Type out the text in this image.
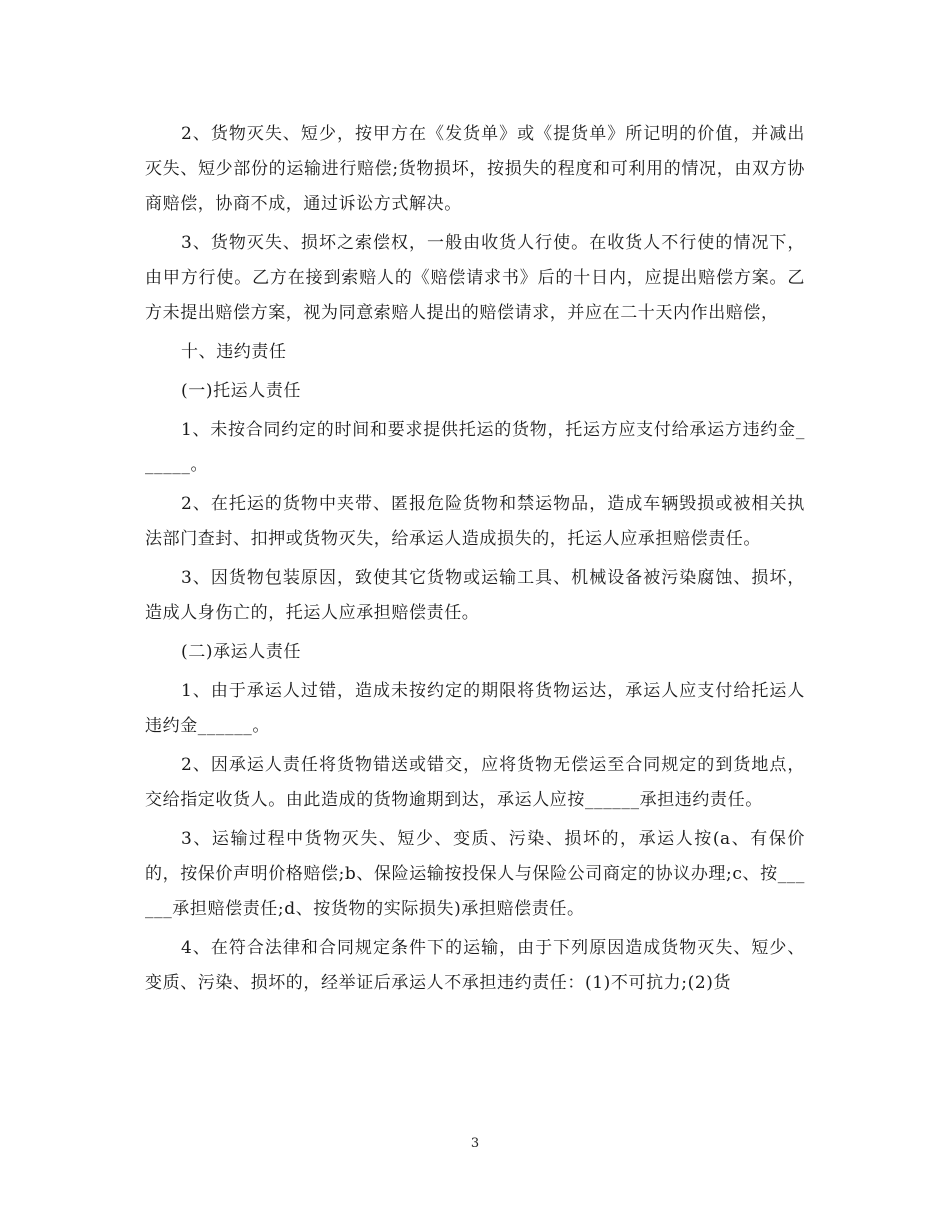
2、货物灭失、短少，按甲方在《发货单》或《提货单》所记明的价值，并减出灭失、短少部份的运输进行赔偿;货物损坏，按损失的程度和可利用的情况，由双方协商赔偿，协商不成，通过诉讼方式解决。

3、货物灭失、损坏之索偿权，一般由收货人行使。在收货人不行使的情况下，由甲方行使。乙方在接到索赔人的《赔偿请求书》后的十日内，应提出赔偿方案。乙方未提出赔偿方案，视为同意索赔人提出的赔偿请求，并应在二十天内作出赔偿，

十、违约责任

(一)托运人责任

1、未按合同约定的时间和要求提供托运的货物，托运方应支付给承运方违约金______。

2、在托运的货物中夹带、匿报危险货物和禁运物品，造成车辆毁损或被相关执法部门查封、扣押或货物灭失，给承运人造成损失的，托运人应承担赔偿责任。

3、因货物包装原因，致使其它货物或运输工具、机械设备被污染腐蚀、损坏，造成人身伤亡的，托运人应承担赔偿责任。

(二)承运人责任

1、由于承运人过错，造成未按约定的期限将货物运达，承运人应支付给托运人违约金______。

2、因承运人责任将货物错送或错交，应将货物无偿运至合同规定的到货地点，交给指定收货人。由此造成的货物逾期到达，承运人应按______承担违约责任。

3、运输过程中货物灭失、短少、变质、污染、损坏的，承运人按(a、有保价的，按保价声明价格赔偿;b、保险运输按投保人与保险公司商定的协议办理;c、按______承担赔偿责任;d、按货物的实际损失)承担赔偿责任。

4、在符合法律和合同规定条件下的运输，由于下列原因造成货物灭失、短少、变质、污染、损坏的，经举证后承运人不承担违约责任：(1)不可抗力;(2)货

3
